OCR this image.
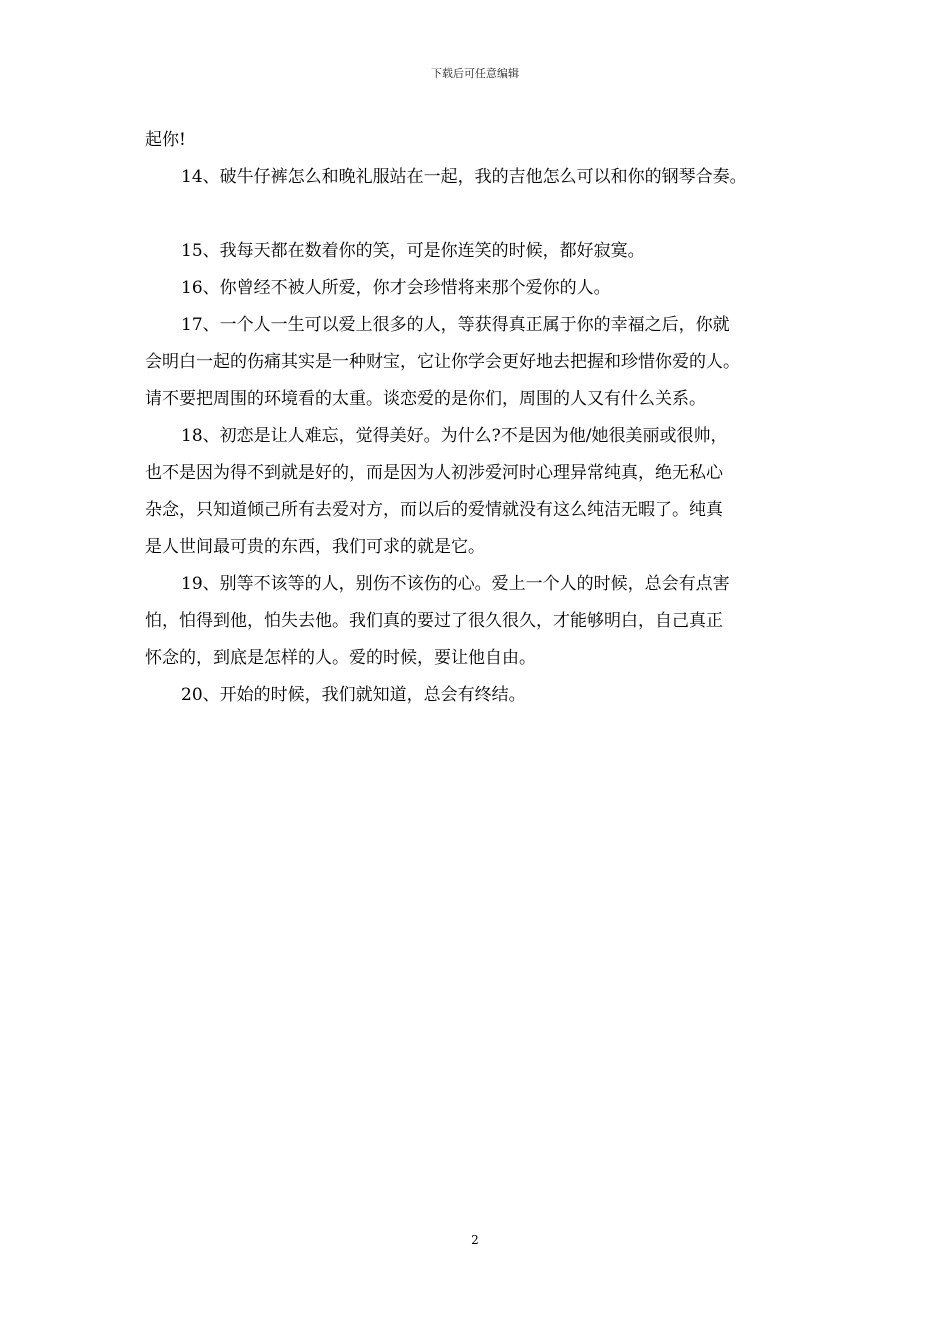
下载后可任意编辑
起你!
14、破牛仔裤怎么和晚礼服站在一起，我的吉他怎么可以和你的钢琴合奏。
15、我每天都在数着你的笑，可是你连笑的时候，都好寂寞。
16、你曾经不被人所爱，你才会珍惜将来那个爱你的人。
17、一个人一生可以爱上很多的人，等获得真正属于你的幸福之后，你就
会明白一起的伤痛其实是一种财宝，它让你学会更好地去把握和珍惜你爱的人。
请不要把周围的环境看的太重。谈恋爱的是你们，周围的人又有什么关系。
18、初恋是让人难忘，觉得美好。为什么?不是因为他/她很美丽或很帅，
也不是因为得不到就是好的，而是因为人初涉爱河时心理异常纯真，绝无私心
杂念，只知道倾己所有去爱对方，而以后的爱情就没有这么纯洁无暇了。纯真
是人世间最可贵的东西，我们可求的就是它。
19、别等不该等的人，别伤不该伤的心。爱上一个人的时候，总会有点害
怕，怕得到他，怕失去他。我们真的要过了很久很久，才能够明白，自己真正
怀念的，到底是怎样的人。爱的时候，要让他自由。
20、开始的时候，我们就知道，总会有终结。
2
